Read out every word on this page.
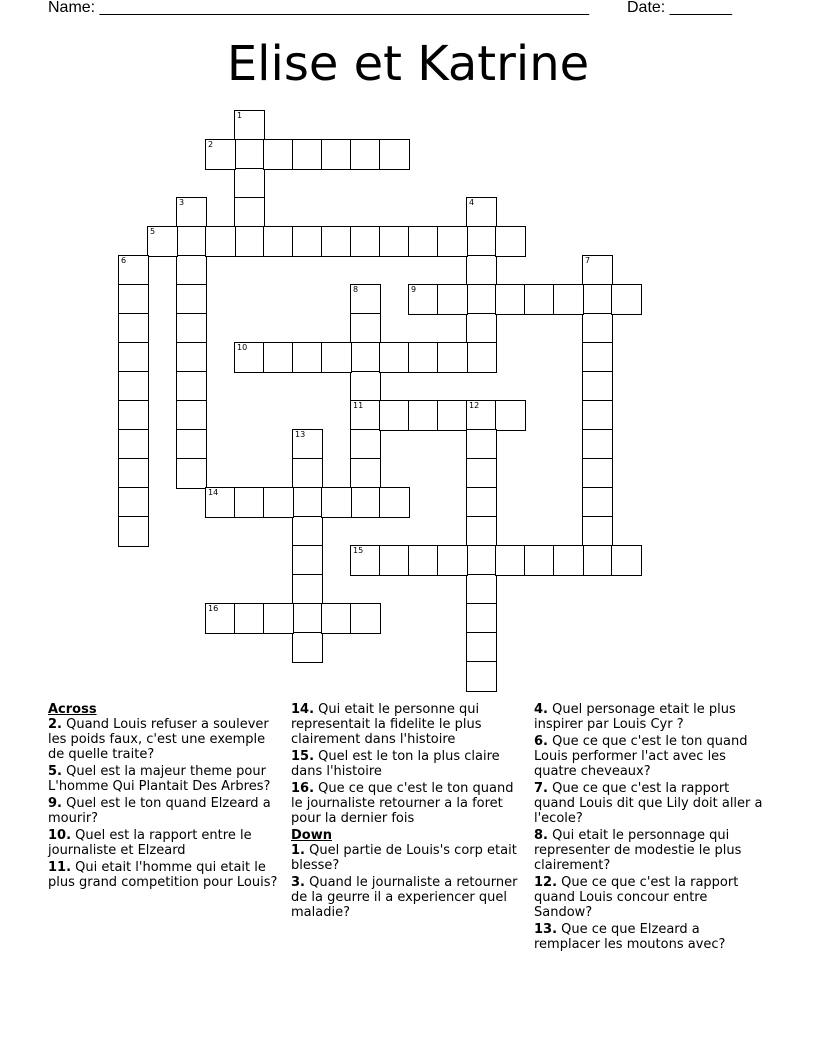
Name: _______________________________________________________ Date: _______
Elise et Katrine
1
2
3	4
5
6	7
8
11
9
10
12
13
14
15
16

Across

2. Quand Louis refuser a soulever les poids faux, c'est une exemple de quelle traite?

5. Quel est la majeur theme pour L'homme Qui Plantait Des Arbres?

9. Quel est le ton quand Elzeard a mourir?

10. Quel est la rapport entre le journaliste et Elzeard

11. Qui etait l'homme qui etait le plus grand competition pour Louis?

14. Qui etait le personne qui representait la fidelite le plus clairement dans l'histoire

15. Quel est le ton la plus claire dans l'histoire

16. Que ce que c'est le ton quand le journaliste retourner a la foret pour la dernier fois

Down

1. Quel partie de Louis's corp etait blesse?

3. Quand le journaliste a retourner de la geurre il a experiencer quel maladie?

4. Quel personage etait le plus inspirer par Louis Cyr ?

6. Que ce que c'est le ton quand Louis performer l'act avec les quatre cheveaux?

7. Que ce que c'est la rapport quand Louis dit que Lily doit aller a l'ecole?

8. Qui etait le personnage qui representer de modestie le plus clairement?

12. Que ce que c'est la rapport quand Louis concour entre Sandow?

13. Que ce que Elzeard a remplacer les moutons avec?
